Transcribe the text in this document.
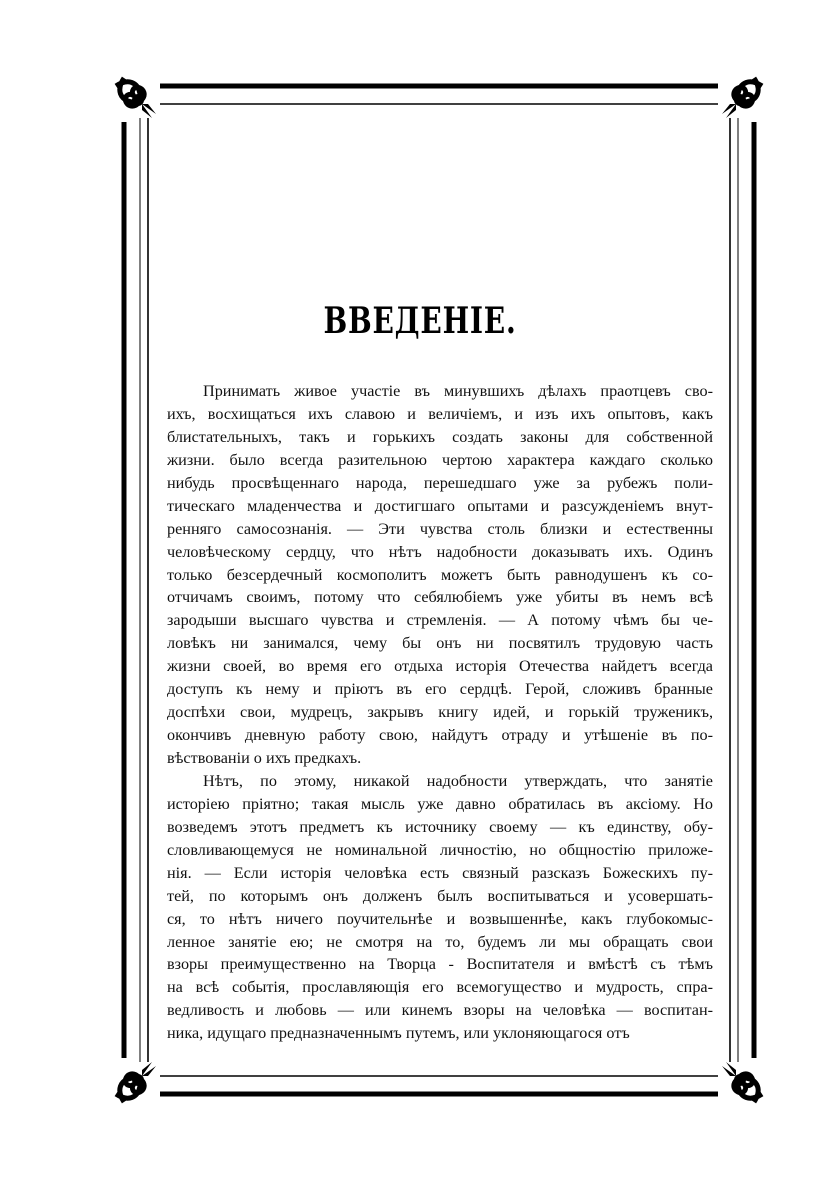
ВВЕДЕНІЕ.
Принимать живое участіе въ минувшихъ дѣлахъ праотцевъ сво-
ихъ, восхищаться ихъ славою и величіемъ, и изъ ихъ опытовъ, какъ
блистательныхъ, такъ и горькихъ создать законы для собственной
жизни. было всегда разительною чертою характера каждаго сколько
нибудь просвѣщеннаго народа, перешедшаго уже за рубежъ поли-
тическаго младенчества и достигшаго опытами и разсужденіемъ внут-
ренняго самосознанія. — Эти чувства столь близки и естественны
человѣческому сердцу, что нѣтъ надобности доказывать ихъ. Одинъ
только безсердечный космополитъ можетъ быть равнодушенъ къ со-
отчичамъ своимъ, потому что себялюбіемъ уже убиты въ немъ всѣ
зародыши высшаго чувства и стремленія. — А потому чѣмъ бы че-
ловѣкъ ни занимался, чему бы онъ ни посвятилъ трудовую часть
жизни своей, во время его отдыха исторія Отечества найдетъ всегда
доступъ къ нему и пріютъ въ его сердцѣ. Герой, сложивъ бранные
доспѣхи свои, мудрецъ, закрывъ книгу идей, и горькій труженикъ,
окончивъ дневную работу свою, найдутъ отраду и утѣшеніе въ по-
вѣствованіи о ихъ предкахъ.
Нѣтъ, по этому, никакой надобности утверждать, что занятіе
исторіею пріятно; такая мысль уже давно обратилась въ аксіому. Но
возведемъ этотъ предметъ къ источнику своему — къ единству, обу-
словливающемуся не номинальной личностію, но общностію приложе-
нія. — Если исторія человѣка есть связный разсказъ Божескихъ пу-
тей, по которымъ онъ долженъ былъ воспитываться и усовершать-
ся, то нѣтъ ничего поучительнѣе и возвышеннѣе, какъ глубокомыс-
ленное занятіе ею; не смотря на то, будемъ ли мы обращать свои
взоры преимущественно на Творца - Воспитателя и вмѣстѣ съ тѣмъ
на всѣ событія, прославляющія его всемогущество и мудрость, спра-
ведливость и любовь — или кинемъ взоры на человѣка — воспитан-
ника, идущаго предназначеннымъ путемъ, или уклоняющагося отъ
